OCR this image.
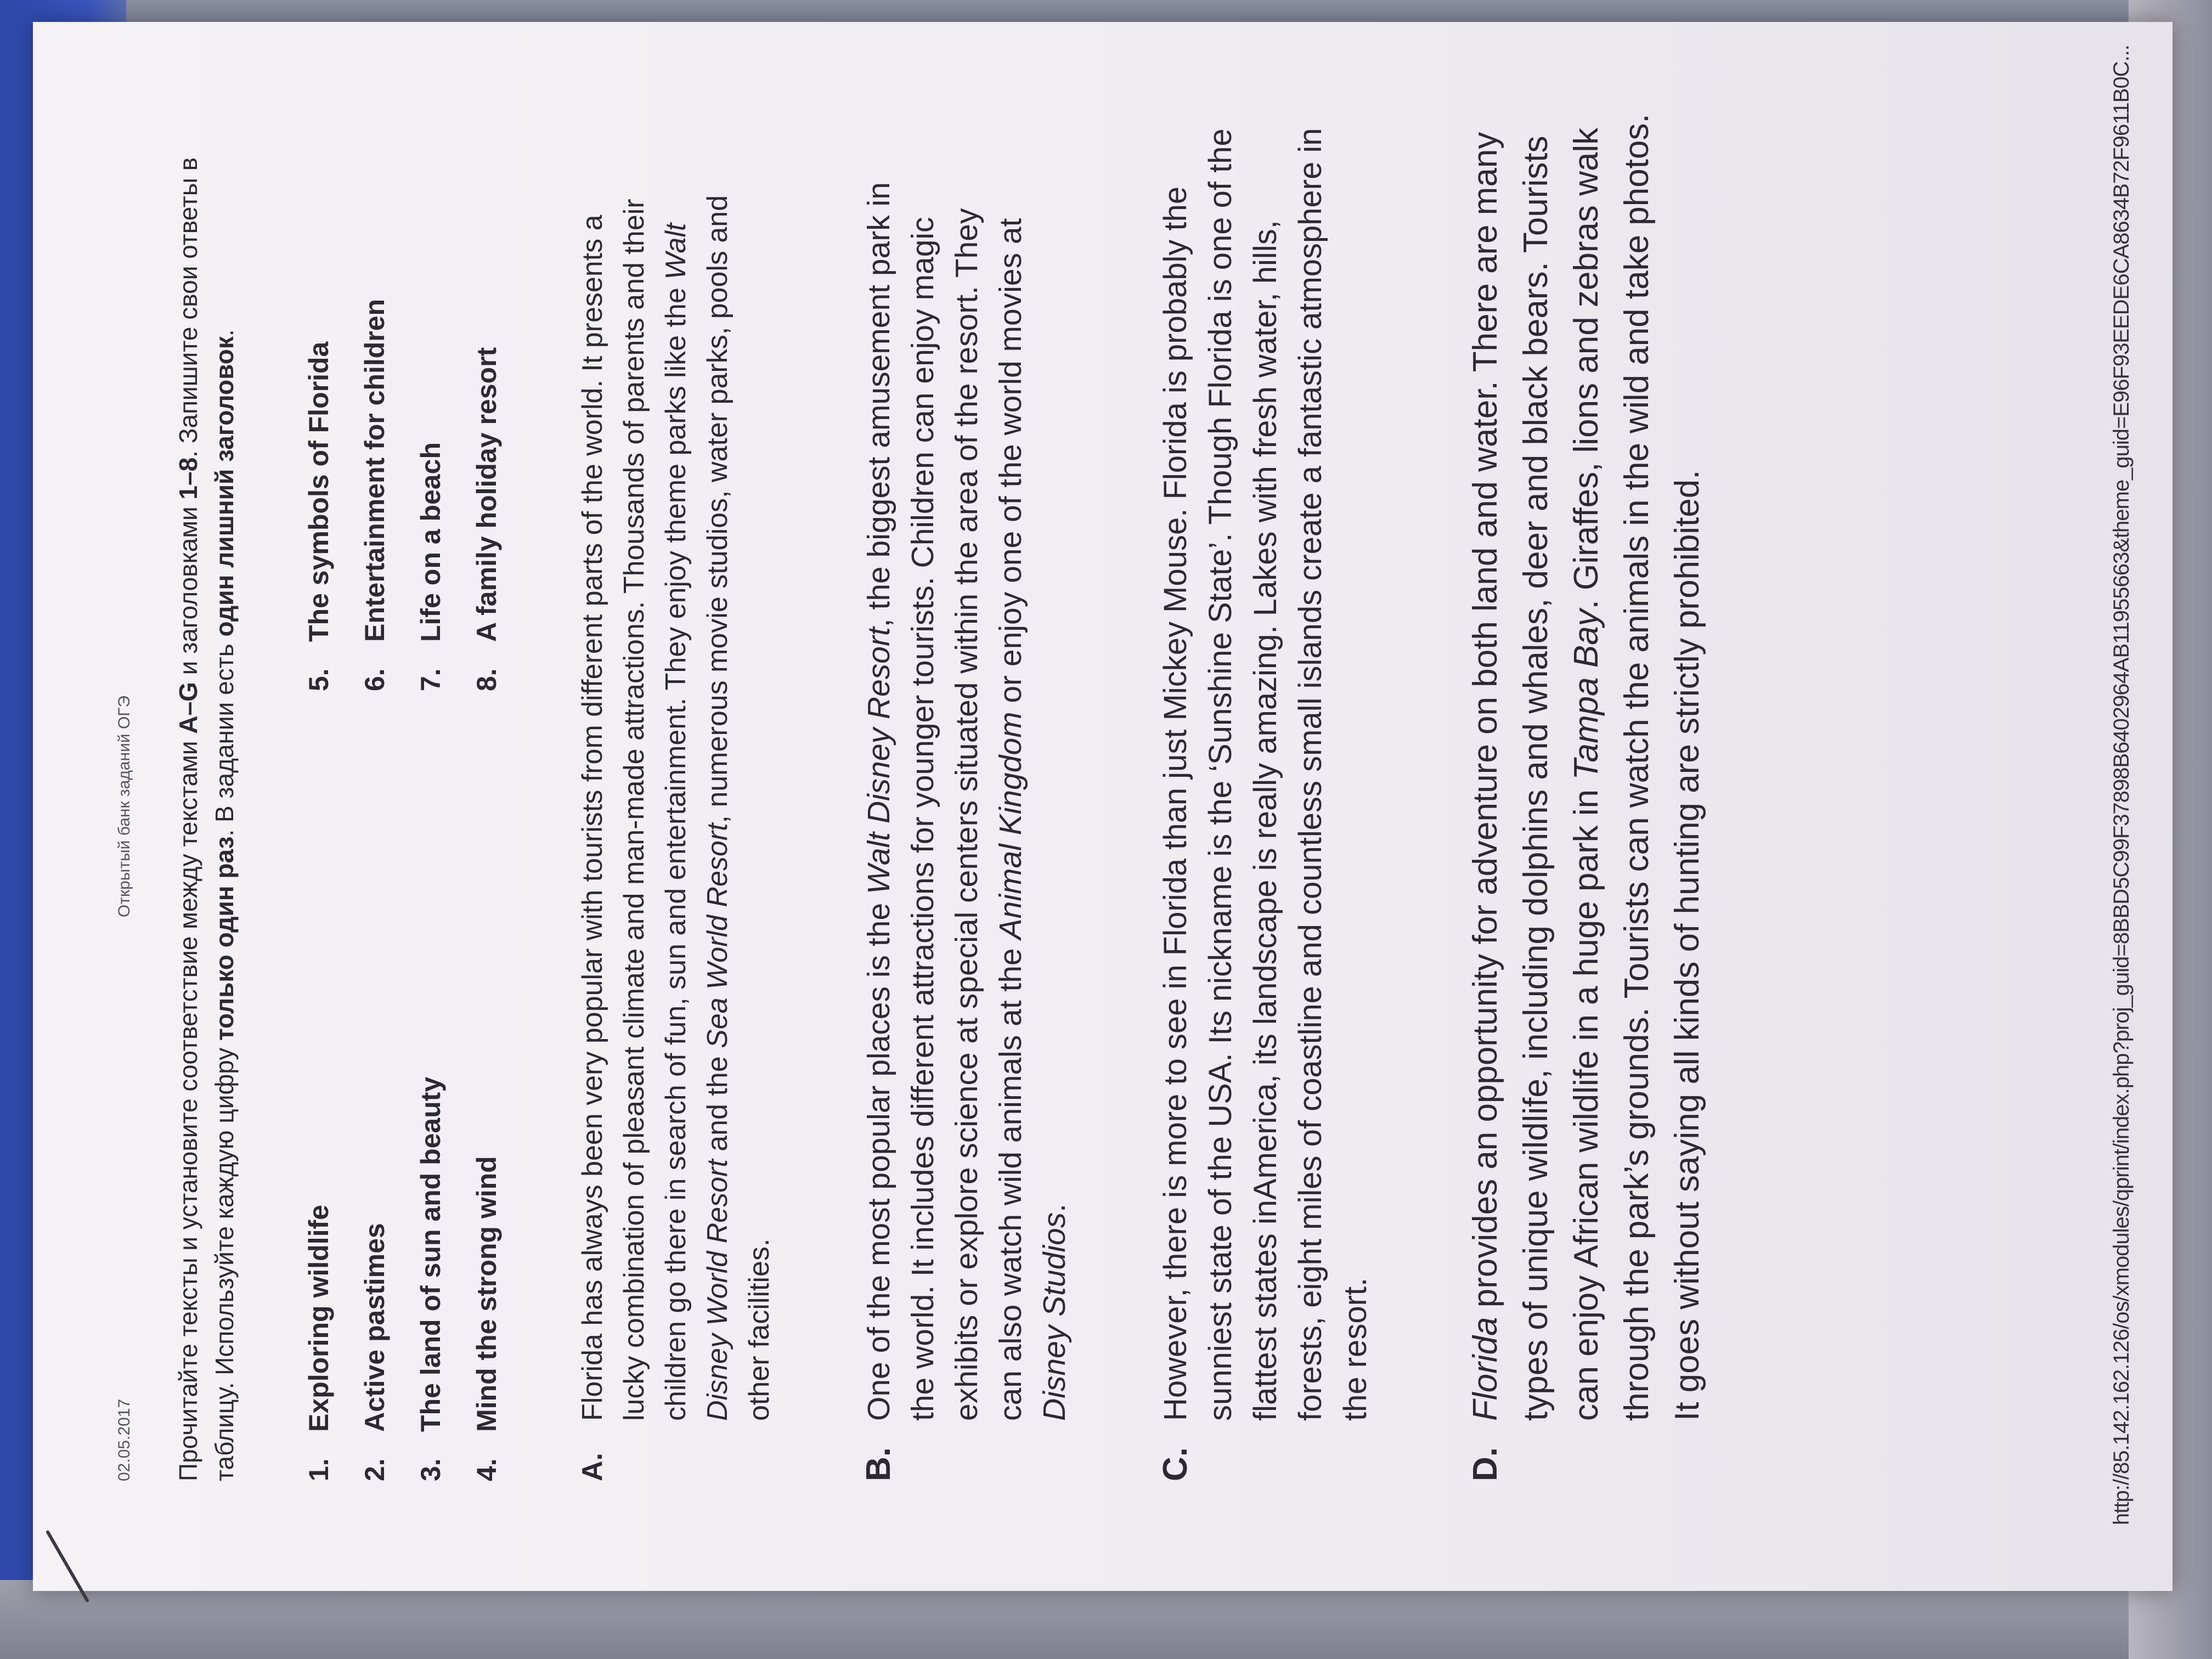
02.05.2017
Открытый банк заданий ОГЭ Прочитайте тексты и установите соответствие между текстами A–G и заголовками 1–8. Запишите свои ответы в таблицу. Используйте каждую цифру только один раз. В задании есть один лишний заголовок.
1.
Exploring wildlife
2.
Active pastimes
3.
The land of sun and beauty
4.
Mind the strong wind
5.
The symbols of Florida
6.
Entertainment for children
7.
Life on a beach
8.
A family holiday resort
A.
Florida has always been very popular with tourists from different parts of the world. It presents a lucky combination of pleasant climate and man-made attractions. Thousands of parents and their children go there in search of fun, sun and entertainment. They enjoy theme parks like the Walt Disney World Resort and the Sea World Resort, numerous movie studios, water parks, pools and other facilities.
B.
One of the most popular places is the Walt Disney Resort, the biggest amusement park in the world. It includes different attractions for younger tourists. Children can enjoy magic exhibits or explore science at special centers situated within the area of the resort. They can also watch wild animals at the Animal Kingdom or enjoy one of the world movies at Disney Studios.
C.
However, there is more to see in Florida than just Mickey Mouse. Florida is probably the sunniest state of the USA. Its nickname is the ‘Sunshine State’. Though Florida is one of the flattest states inAmerica, its landscape is really amazing. Lakes with fresh water, hills, forests, eight miles of coastline and countless small islands create a fantastic atmosphere in the resort.
D.
Florida provides an opportunity for adventure on both land and water. There are many types of unique wildlife, including dolphins and whales, deer and black bears. Tourists can enjoy African wildlife in a huge park in Tampa Bay. Giraffes, lions and zebras walk through the park’s grounds. Tourists can watch the animals in the wild and take photos. It goes without saying all kinds of hunting are strictly prohibited.	http://85.142.162.126/os/xmodules/qprint/index.php?proj_guid=8BBD5C99F37898B6402964AB11955663&theme_guid=E96F93EEDE6CA8634B72F9611B0C...
